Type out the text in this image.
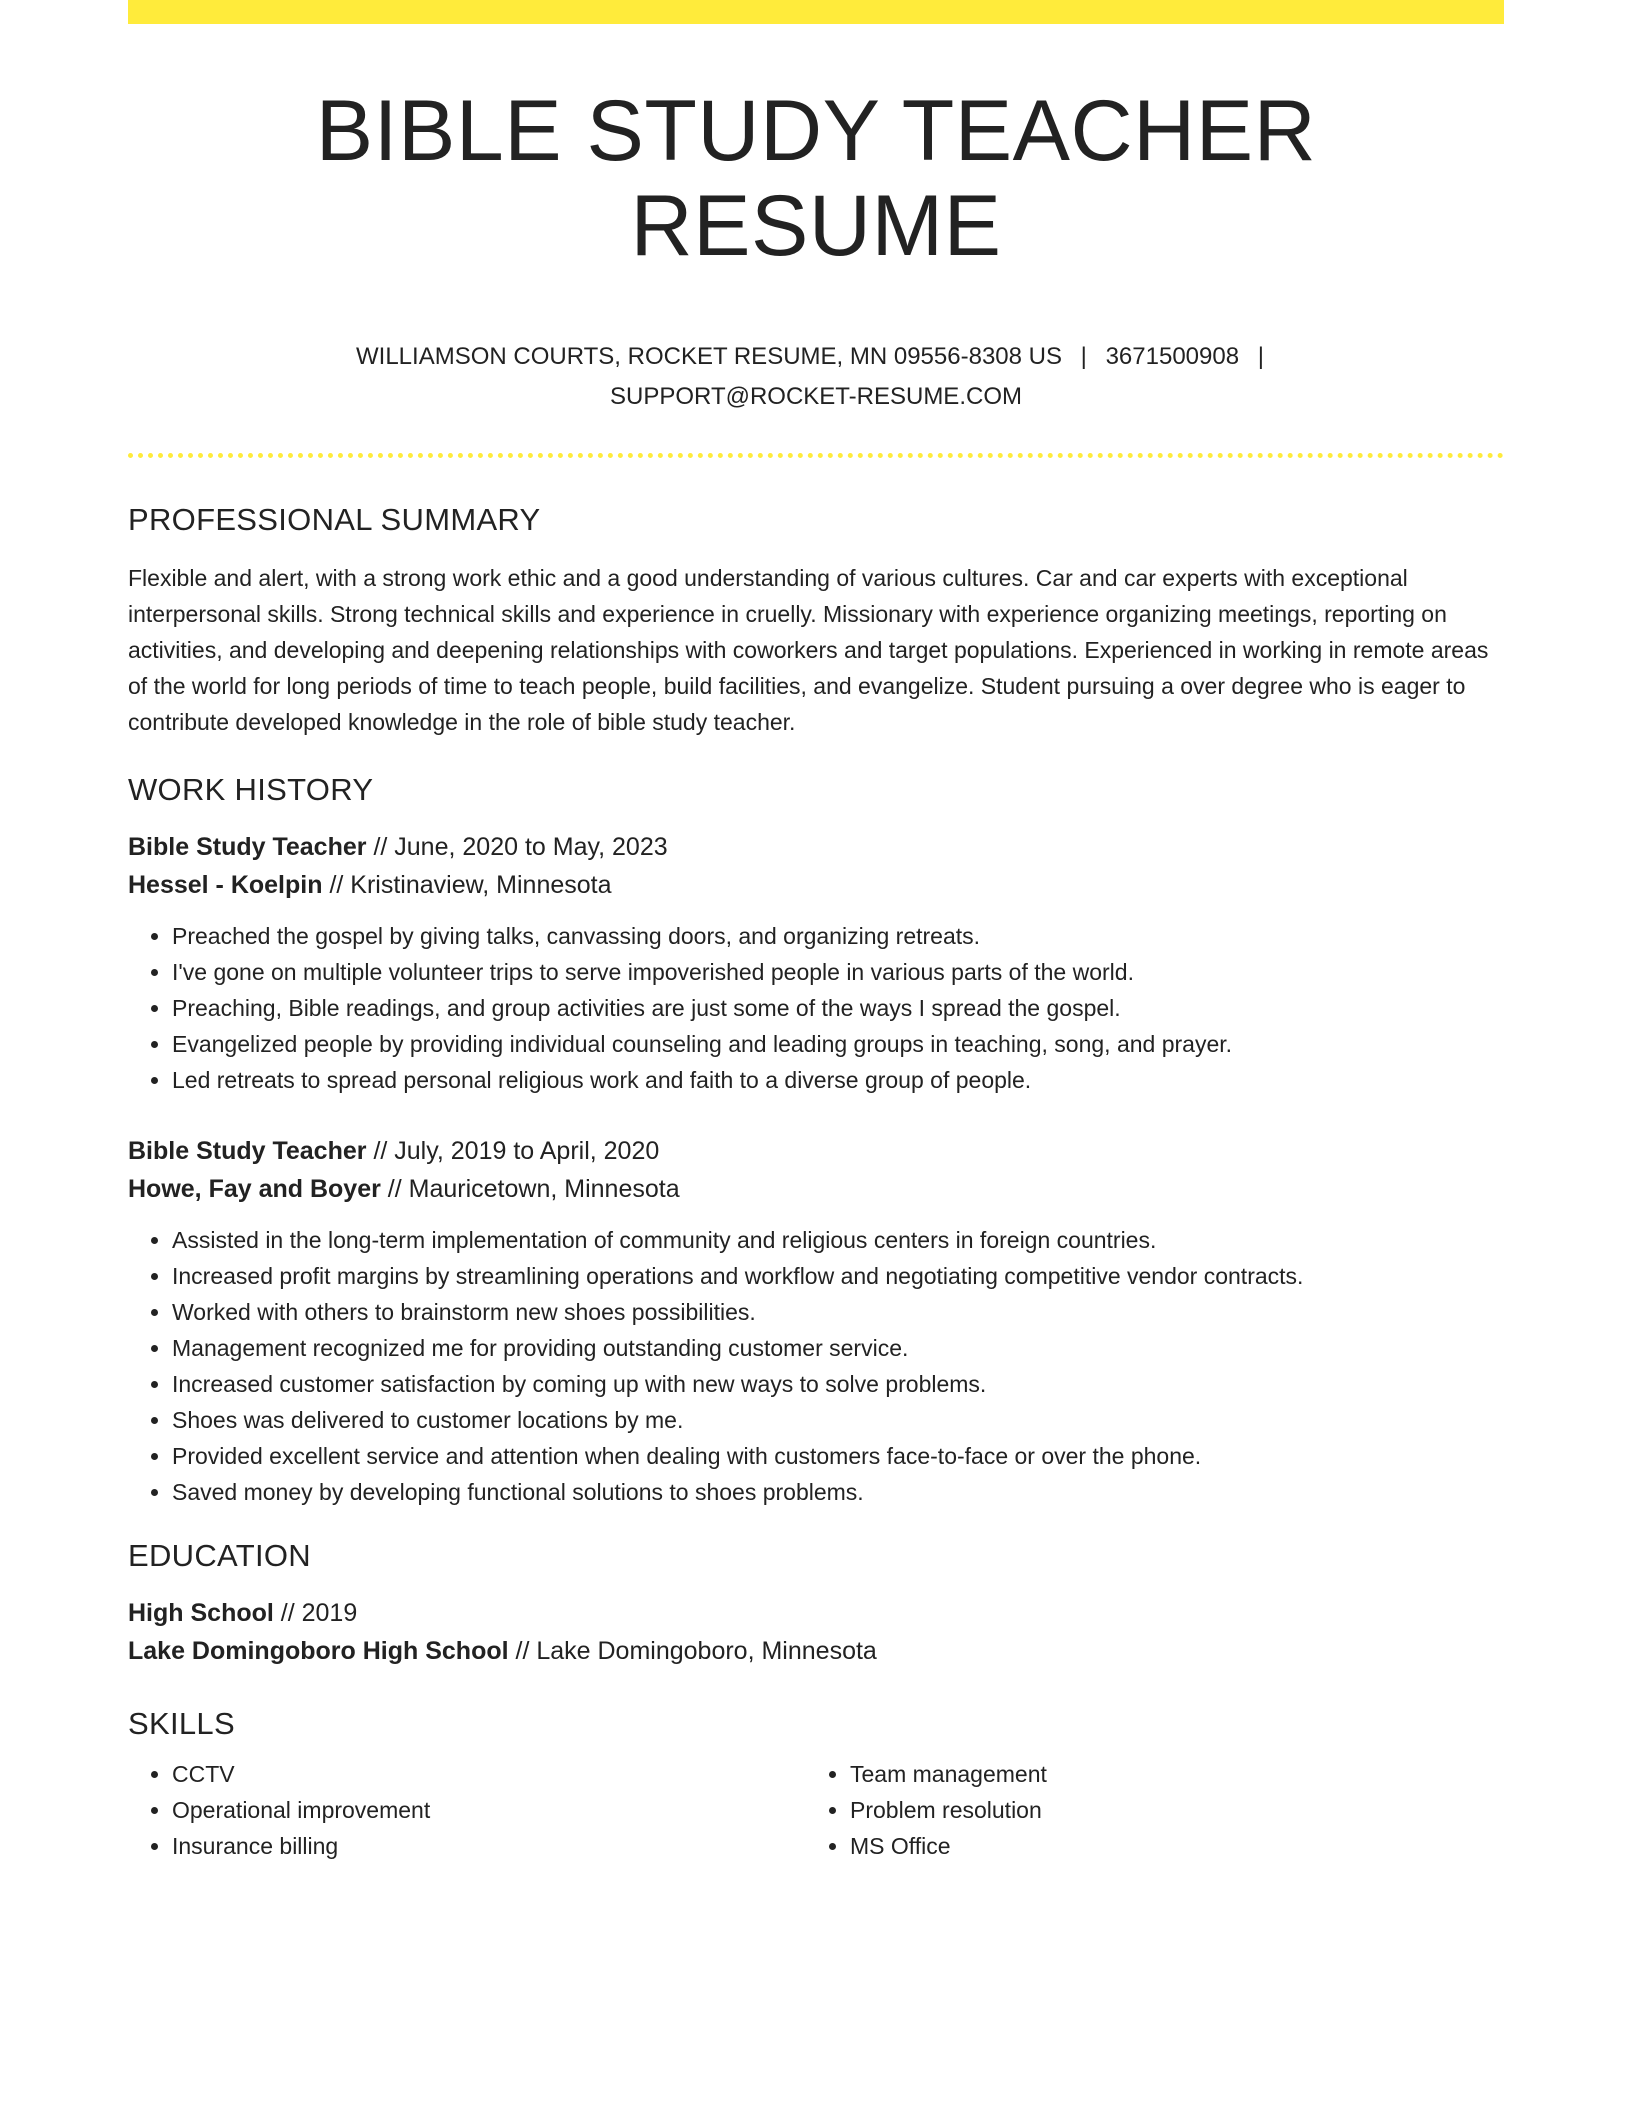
BIBLE STUDY TEACHER RESUME
WILLIAMSON COURTS, ROCKET RESUME, MN 09556-8308 US | 3671500908 |
SUPPORT@ROCKET-RESUME.COM
PROFESSIONAL SUMMARY

Flexible and alert, with a strong work ethic and a good understanding of various cultures. Car and car experts with exceptional interpersonal skills. Strong technical skills and experience in cruelly. Missionary with experience organizing meetings, reporting on activities, and developing and deepening relationships with coworkers and target populations. Experienced in working in remote areas of the world for long periods of time to teach people, build facilities, and evangelize. Student pursuing a over degree who is eager to contribute developed knowledge in the role of bible study teacher.

WORK HISTORY
Bible Study Teacher // June, 2020 to May, 2023
Hessel - Koelpin // Kristinaview, Minnesota
• Preached the gospel by giving talks, canvassing doors, and organizing retreats.
• I've gone on multiple volunteer trips to serve impoverished people in various parts of the world.
• Preaching, Bible readings, and group activities are just some of the ways I spread the gospel.
• Evangelized people by providing individual counseling and leading groups in teaching, song, and prayer.
• Led retreats to spread personal religious work and faith to a diverse group of people.
Bible Study Teacher // July, 2019 to April, 2020
Howe, Fay and Boyer // Mauricetown, Minnesota
• Assisted in the long-term implementation of community and religious centers in foreign countries.
• Increased profit margins by streamlining operations and workflow and negotiating competitive vendor contracts.
• Worked with others to brainstorm new shoes possibilities.
• Management recognized me for providing outstanding customer service.
• Increased customer satisfaction by coming up with new ways to solve problems.
• Shoes was delivered to customer locations by me.
• Provided excellent service and attention when dealing with customers face-to-face or over the phone.
• Saved money by developing functional solutions to shoes problems.
EDUCATION
High School // 2019
Lake Domingoboro High School // Lake Domingoboro, Minnesota
SKILLS
• CCTV
• Operational improvement
• Insurance billing
• Team management
• Problem resolution
• MS Office
